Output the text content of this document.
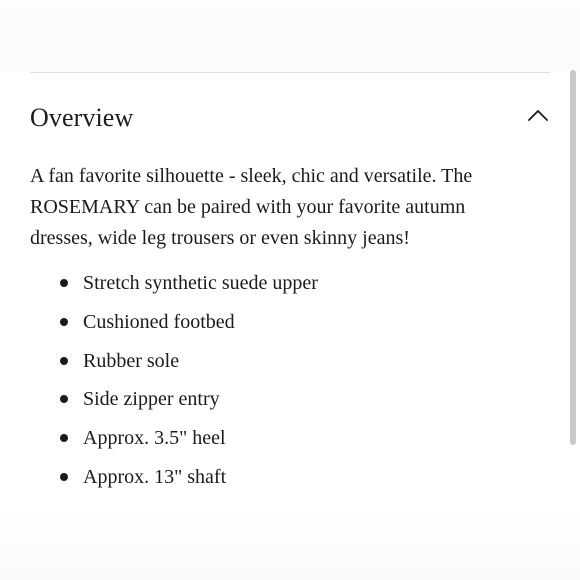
Overview

A fan favorite silhouette - sleek, chic and versatile. The ROSEMARY can be paired with your favorite autumn dresses, wide leg trousers or even skinny jeans!

Stretch synthetic suede upper
Cushioned footbed
Rubber sole
Side zipper entry
Approx. 3.5" heel
Approx. 13" shaft
